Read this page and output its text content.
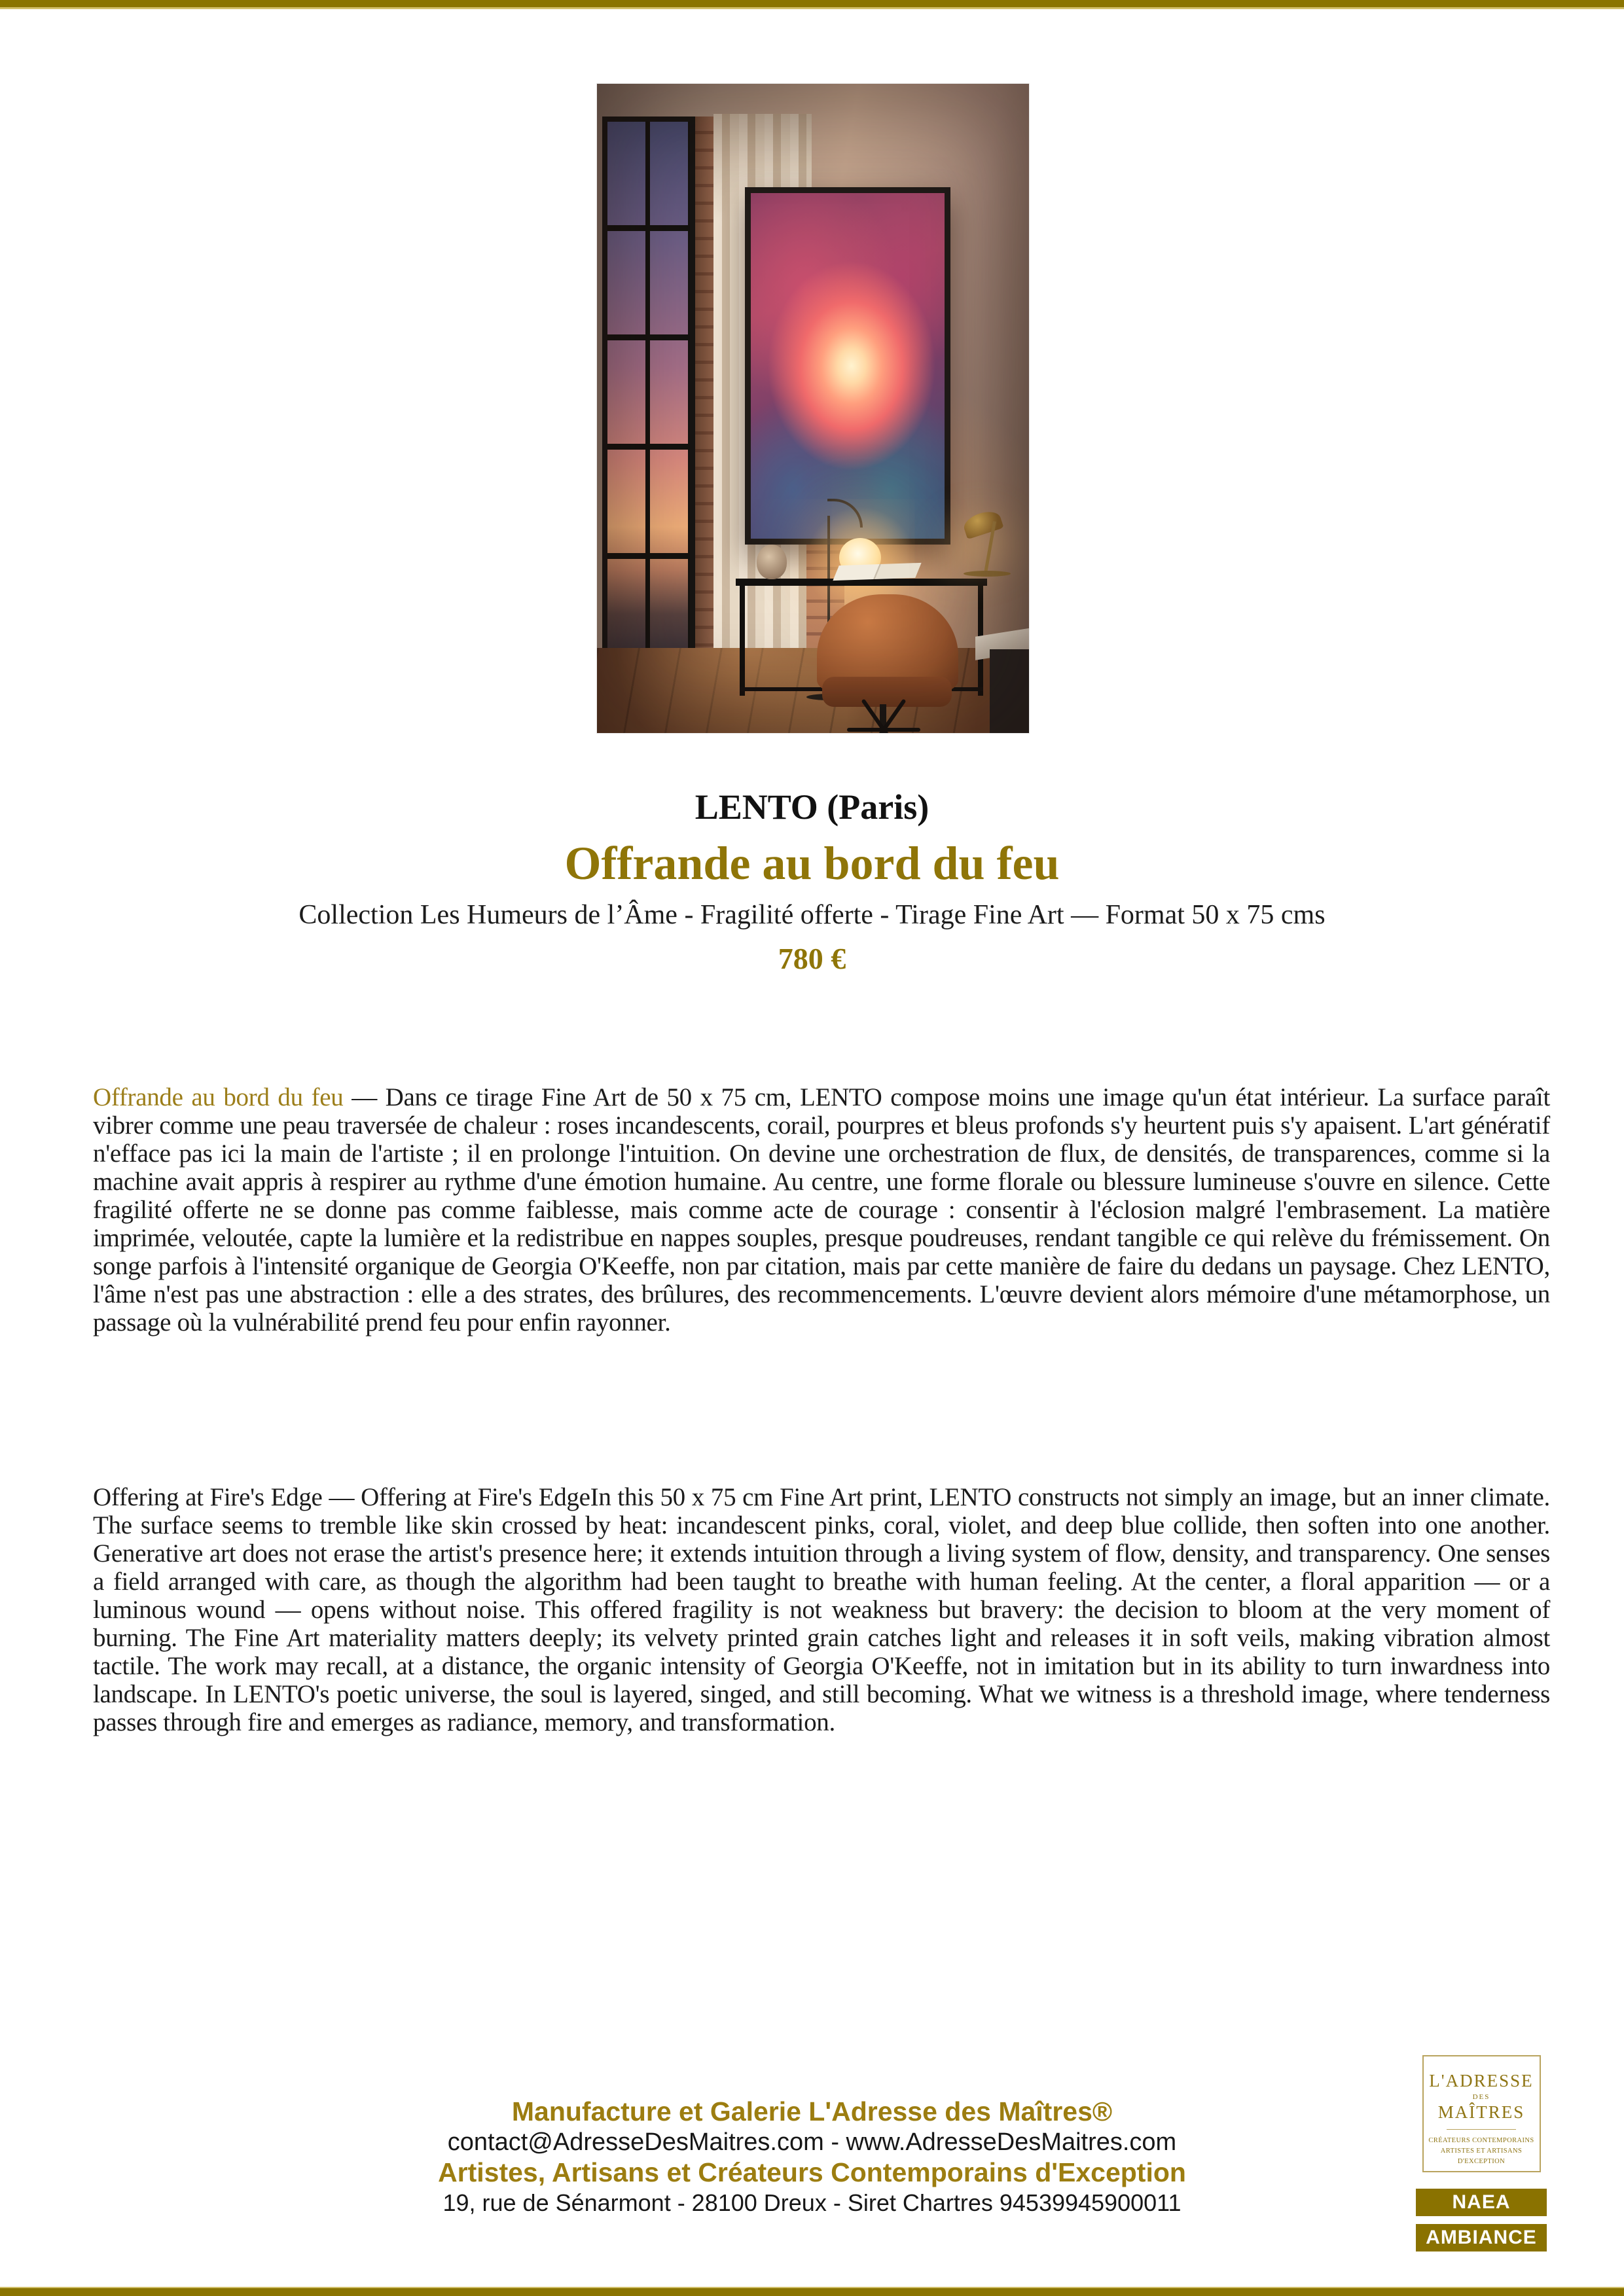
LENTO (Paris)
Offrande au bord du feu
Collection Les Humeurs de l’Âme - Fragilité offerte - Tirage Fine Art — Format 50 x 75 cms
780 €

Offrande au bord du feu — Dans ce tirage Fine Art de 50 x 75 cm, LENTO compose moins une image qu'un état intérieur. La surface paraît vibrer comme une peau traversée de chaleur : roses incandescents, corail, pourpres et bleus profonds s'y heurtent puis s'y apaisent. L'art génératif n'efface pas ici la main de l'artiste ; il en prolonge l'intuition. On devine une orchestration de flux, de densités, de transparences, comme si la machine avait appris à respirer au rythme d'une émotion humaine. Au centre, une forme florale ou blessure lumineuse s'ouvre en silence. Cette fragilité offerte ne se donne pas comme faiblesse, mais comme acte de courage : consentir à l'éclosion malgré l'embrasement. La matière imprimée, veloutée, capte la lumière et la redistribue en nappes souples, presque poudreuses, rendant tangible ce qui relève du frémissement. On songe parfois à l'intensité organique de Georgia O'Keeffe, non par citation, mais par cette manière de faire du dedans un paysage. Chez LENTO, l'âme n'est pas une abstraction : elle a des strates, des brûlures, des recommencements. L'œuvre devient alors mémoire d'une métamorphose, un passage où la vulnérabilité prend feu pour enfin rayonner.

Offering at Fire's Edge — Offering at Fire's EdgeIn this 50 x 75 cm Fine Art print, LENTO constructs not simply an image, but an inner climate. The surface seems to tremble like skin crossed by heat: incandescent pinks, coral, violet, and deep blue collide, then soften into one another. Generative art does not erase the artist's presence here; it extends intuition through a living system of flow, density, and transparency. One senses a field arranged with care, as though the algorithm had been taught to breathe with human feeling. At the center, a floral apparition — or a luminous wound — opens without noise. This offered fragility is not weakness but bravery: the decision to bloom at the very moment of burning. The Fine Art materiality matters deeply; its velvety printed grain catches light and releases it in soft veils, making vibration almost tactile. The work may recall, at a distance, the organic intensity of Georgia O'Keeffe, not in imitation but in its ability to turn inwardness into landscape. In LENTO's poetic universe, the soul is layered, singed, and still becoming. What we witness is a threshold image, where tenderness passes through fire and emerges as radiance, memory, and transformation.

Manufacture et Galerie L'Adresse des Maîtres®
contact@AdresseDesMaitres.com - www.AdresseDesMaitres.com
Artistes, Artisans et Créateurs Contemporains d'Exception
19, rue de Sénarmont - 28100 Dreux - Siret Chartres 94539945900011
L'ADRESSE
DES
MAÎTRES
CRÉATEURS CONTEMPORAINS
ARTISTES ET ARTISANS
D'EXCEPTION
NAEA
AMBIANCE
